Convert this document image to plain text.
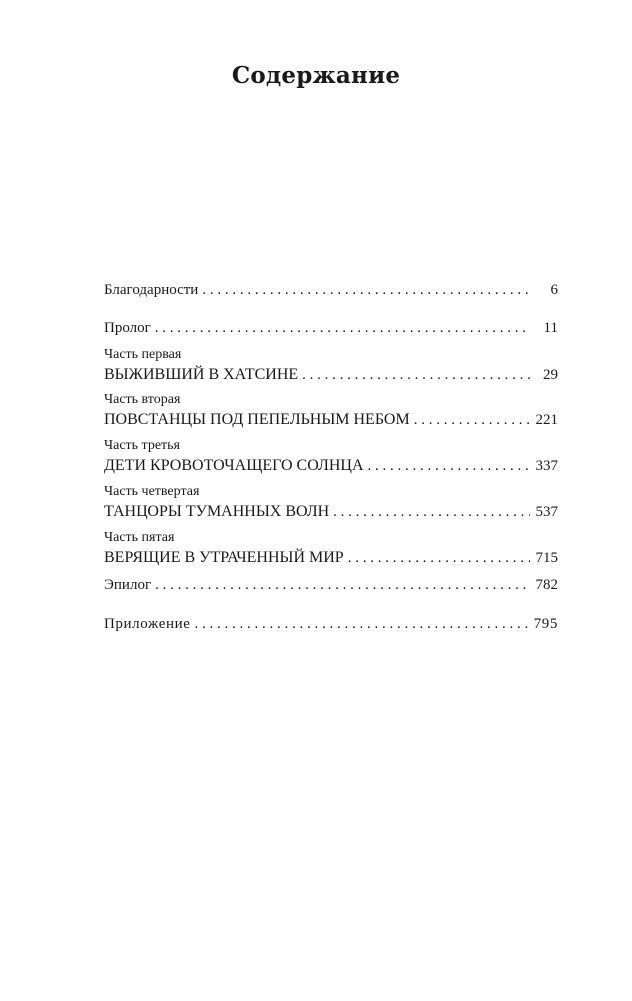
Содержание
Благодарности . . .	6
Пролог . . .	11
Часть первая
ВЫЖИВШИЙ В ХАТСИНЕ . . .	29
Часть вторая
ПОВСТАНЦЫ ПОД ПЕПЕЛЬНЫМ НЕБОМ . . .	221
Часть третья
ДЕТИ КРОВОТОЧАЩЕГО СОЛНЦА . . .	337
Часть четвертая
ТАНЦОРЫ ТУМАННЫХ ВОЛН . . .	537
Часть пятая
ВЕРЯЩИЕ В УТРАЧЕННЫЙ МИР . . .	715
Эпилог . . .	782
Приложение . . .	795
